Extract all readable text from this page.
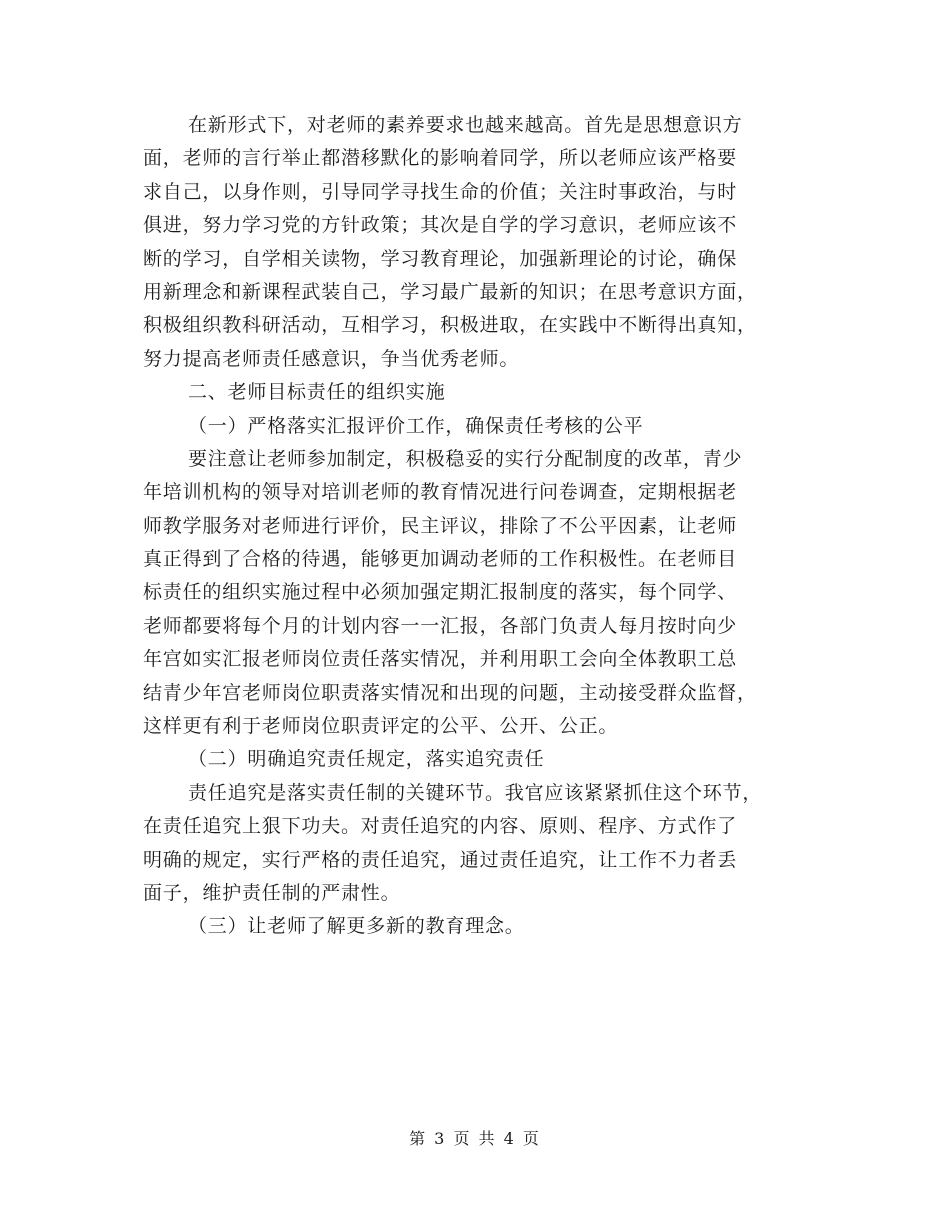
在新形式下，对老师的素养要求也越来越高。首先是思想意识方
面，老师的言行举止都潜移默化的影响着同学，所以老师应该严格要
求自己，以身作则，引导同学寻找生命的价值；关注时事政治，与时
俱进，努力学习党的方针政策；其次是自学的学习意识，老师应该不
断的学习，自学相关读物，学习教育理论，加强新理论的讨论，确保
用新理念和新课程武装自己，学习最广最新的知识；在思考意识方面，
积极组织教科研活动，互相学习，积极进取，在实践中不断得出真知，
努力提高老师责任感意识，争当优秀老师。
二、老师目标责任的组织实施
（一）严格落实汇报评价工作，确保责任考核的公平
要注意让老师参加制定，积极稳妥的实行分配制度的改革，青少
年培训机构的领导对培训老师的教育情况进行问卷调查，定期根据老
师教学服务对老师进行评价，民主评议，排除了不公平因素，让老师
真正得到了合格的待遇，能够更加调动老师的工作积极性。在老师目
标责任的组织实施过程中必须加强定期汇报制度的落实，每个同学、
老师都要将每个月的计划内容一一汇报，各部门负责人每月按时向少
年宫如实汇报老师岗位责任落实情况，并利用职工会向全体教职工总
结青少年宫老师岗位职责落实情况和出现的问题，主动接受群众监督，
这样更有利于老师岗位职责评定的公平、公开、公正。
（二）明确追究责任规定，落实追究责任
责任追究是落实责任制的关键环节。我官应该紧紧抓住这个环节，
在责任追究上狠下功夫。对责任追究的内容、原则、程序、方式作了
明确的规定，实行严格的责任追究，通过责任追究，让工作不力者丢
面子，维护责任制的严肃性。
（三）让老师了解更多新的教育理念。
第 3 页 共 4 页
